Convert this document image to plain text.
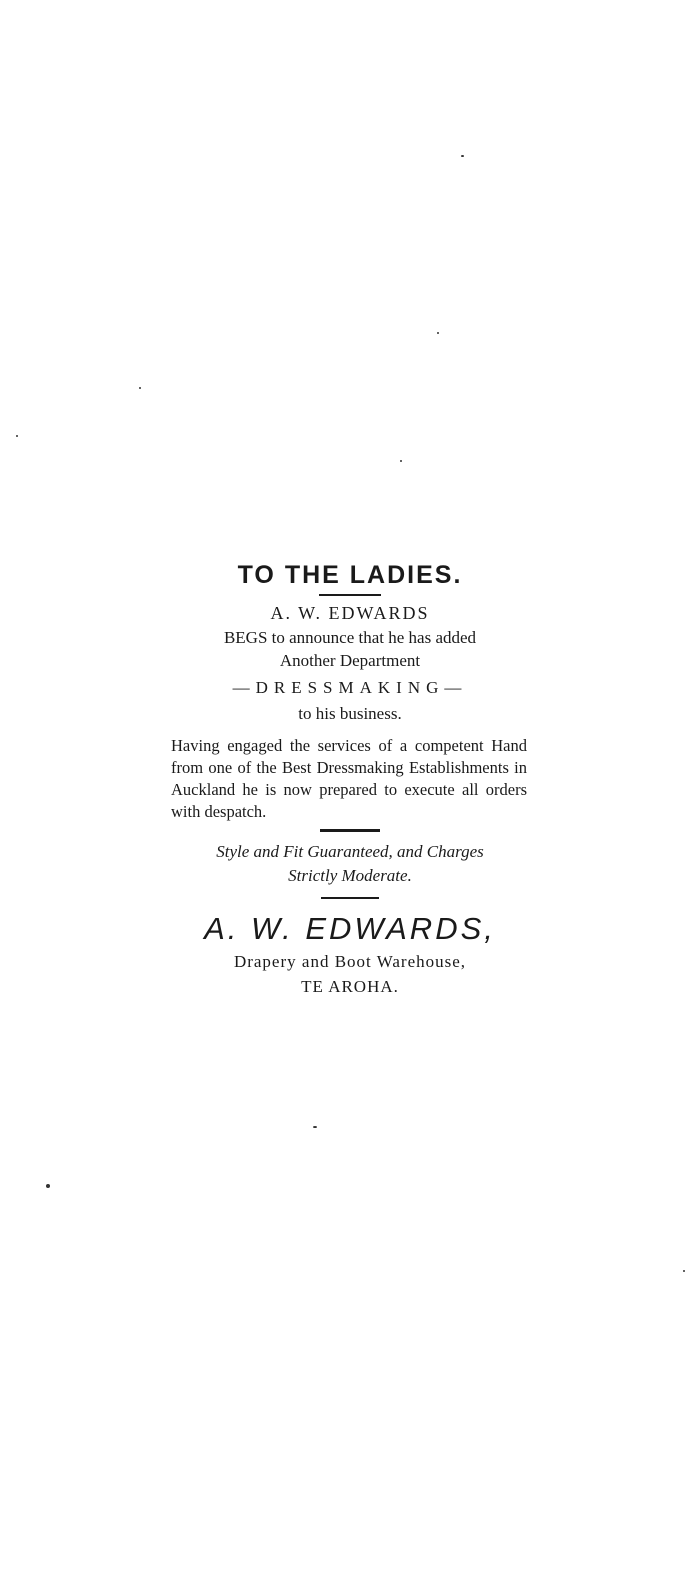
TO THE LADIES.
A. W. EDWARDS
BEGS to announce that he has added
Another Department
—DRESSMAKING—
to his business.

Having engaged the services of a competent Hand from one of the Best Dressmaking Establishments in Auckland he is now prepared to execute all orders with despatch.

Style and Fit Guaranteed, and Charges
Strictly Moderate.
A. W. EDWARDS,
Drapery and Boot Warehouse,
TE AROHA.
